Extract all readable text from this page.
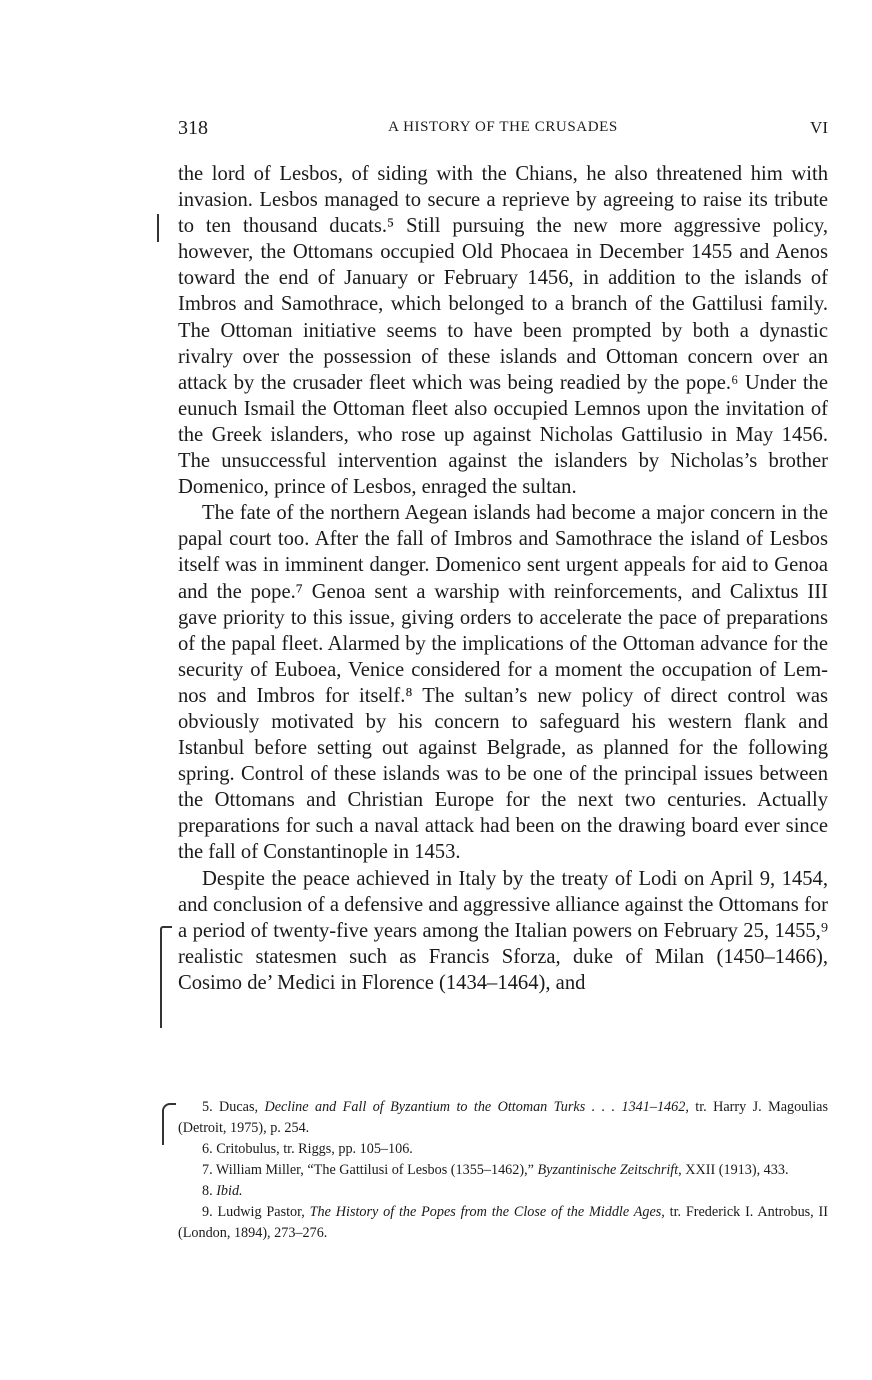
318	A HISTORY OF THE CRUSADES	VI

the lord of Lesbos, of siding with the Chians, he also threatened him with invasion. Lesbos managed to secure a reprieve by agreeing to raise its tribute to ten thousand ducats.⁵ Still pursuing the new more aggressive policy, however, the Ottomans occupied Old Phocaea in December 1455 and Aenos toward the end of January or February 1456, in addition to the islands of Imbros and Samothrace, which belonged to a branch of the Gattilusi family. The Ottoman initiative seems to have been prompted by both a dynastic rivalry over the possession of these islands and Ottoman concern over an attack by the crusader fleet which was being readied by the pope.⁶ Under the eunuch Ismail the Ottoman fleet also occupied Lemnos upon the invitation of the Greek islanders, who rose up against Nicholas Gattilusio in May 1456. The unsuccessful intervention against the islanders by Nicholas’s brother Domenico, prince of Lesbos, enraged the sultan.

The fate of the northern Aegean islands had become a major concern in the papal court too. After the fall of Imbros and Samothrace the island of Lesbos itself was in imminent danger. Domenico sent urgent appeals for aid to Genoa and the pope.⁷ Genoa sent a warship with reinforcements, and Calixtus III gave priority to this issue, giving orders to accelerate the pace of preparations of the papal fleet. Alarmed by the implications of the Ottoman advance for the security of Euboea, Venice considered for a moment the occupation of Lemnos and Imbros for itself.⁸ The sultan’s new policy of direct control was obviously motivated by his concern to safeguard his western flank and Istanbul before setting out against Belgrade, as planned for the following spring. Control of these islands was to be one of the principal issues between the Ottomans and Christian Europe for the next two centuries. Actually preparations for such a naval attack had been on the drawing board ever since the fall of Constantinople in 1453.

Despite the peace achieved in Italy by the treaty of Lodi on April 9, 1454, and conclusion of a defensive and aggressive alliance against the Ottomans for a period of twenty-five years among the Italian powers on February 25, 1455,⁹ realistic statesmen such as Francis Sforza, duke of Milan (1450–1466), Cosimo de’ Medici in Florence (1434–1464), and

5. Ducas, Decline and Fall of Byzantium to the Ottoman Turks . . . 1341–1462, tr. Harry J. Magoulias (Detroit, 1975), p. 254.

6. Critobulus, tr. Riggs, pp. 105–106.

7. William Miller, “The Gattilusi of Lesbos (1355–1462),” Byzantinische Zeitschrift, XXII (1913), 433.

8. Ibid.

9. Ludwig Pastor, The History of the Popes from the Close of the Middle Ages, tr. Frederick I. Antrobus, II (London, 1894), 273–276.
